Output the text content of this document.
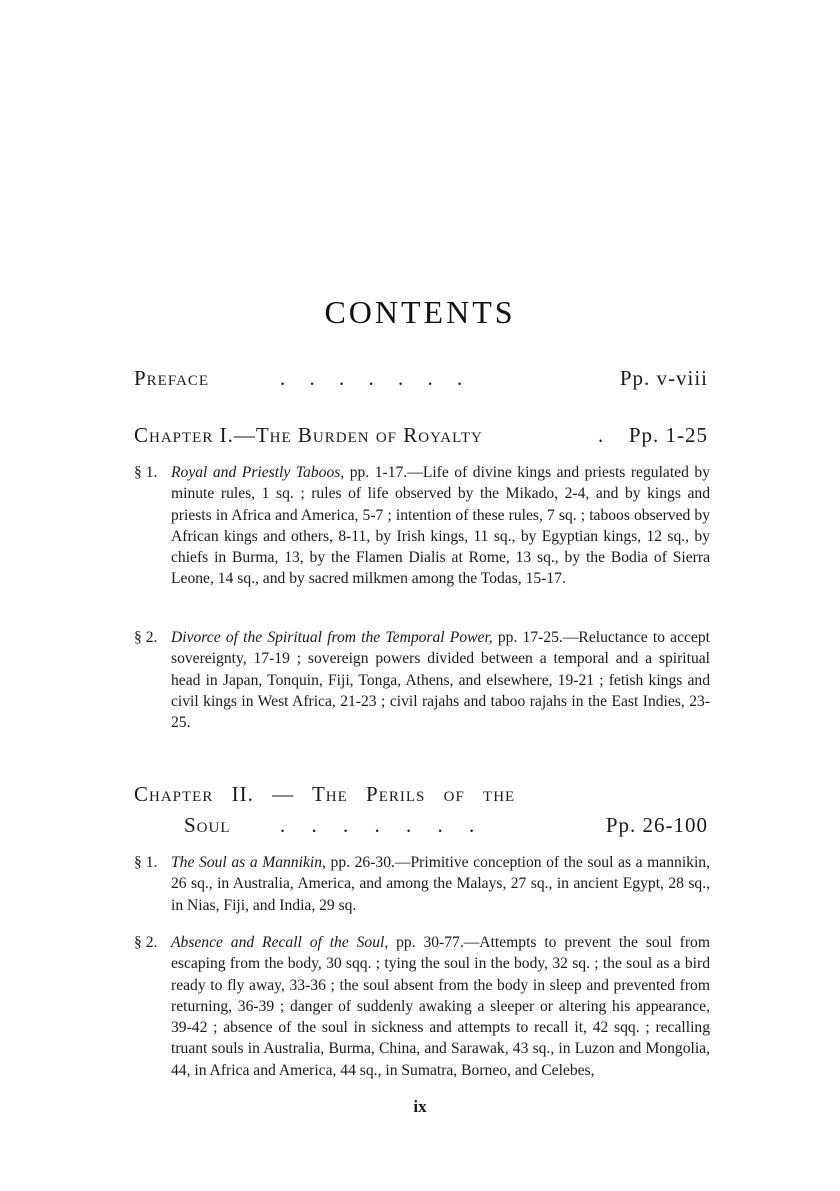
CONTENTS
Preface	. . . . . . .	Pp. v-viii
Chapter I.—The Burden of Royalty	. Pp. 1-25

§ 1. Royal and Priestly Taboos, pp. 1-17.—Life of divine kings and priests regulated by minute rules, 1 sq. ; rules of life observed by the Mikado, 2-4, and by kings and priests in Africa and America, 5-7 ; intention of these rules, 7 sq. ; taboos observed by African kings and others, 8-11, by Irish kings, 11 sq., by Egyptian kings, 12 sq., by chiefs in Burma, 13, by the Flamen Dialis at Rome, 13 sq., by the Bodia of Sierra Leone, 14 sq., and by sacred milkmen among the Todas, 15-17.

§ 2. Divorce of the Spiritual from the Temporal Power, pp. 17-25.—Reluctance to accept sovereignty, 17-19 ; sovereign powers divided between a temporal and a spiritual head in Japan, Tonquin, Fiji, Tonga, Athens, and elsewhere, 19-21 ; fetish kings and civil kings in West Africa, 21-23 ; civil rajahs and taboo rajahs in the East Indies, 23-25.

Chapter II. — The Perils of the
Soul . . . . . . .	Pp. 26-100

§ 1. The Soul as a Mannikin, pp. 26-30.—Primitive conception of the soul as a mannikin, 26 sq., in Australia, America, and among the Malays, 27 sq., in ancient Egypt, 28 sq., in Nias, Fiji, and India, 29 sq.

§ 2. Absence and Recall of the Soul, pp. 30-77.—Attempts to prevent the soul from escaping from the body, 30 sqq. ; tying the soul in the body, 32 sq. ; the soul as a bird ready to fly away, 33-36 ; the soul absent from the body in sleep and prevented from returning, 36-39 ; danger of suddenly awaking a sleeper or altering his appearance, 39-42 ; absence of the soul in sickness and attempts to recall it, 42 sqq. ; recalling truant souls in Australia, Burma, China, and Sarawak, 43 sq., in Luzon and Mongolia, 44, in Africa and America, 44 sq., in Sumatra, Borneo, and Celebes,

ix
